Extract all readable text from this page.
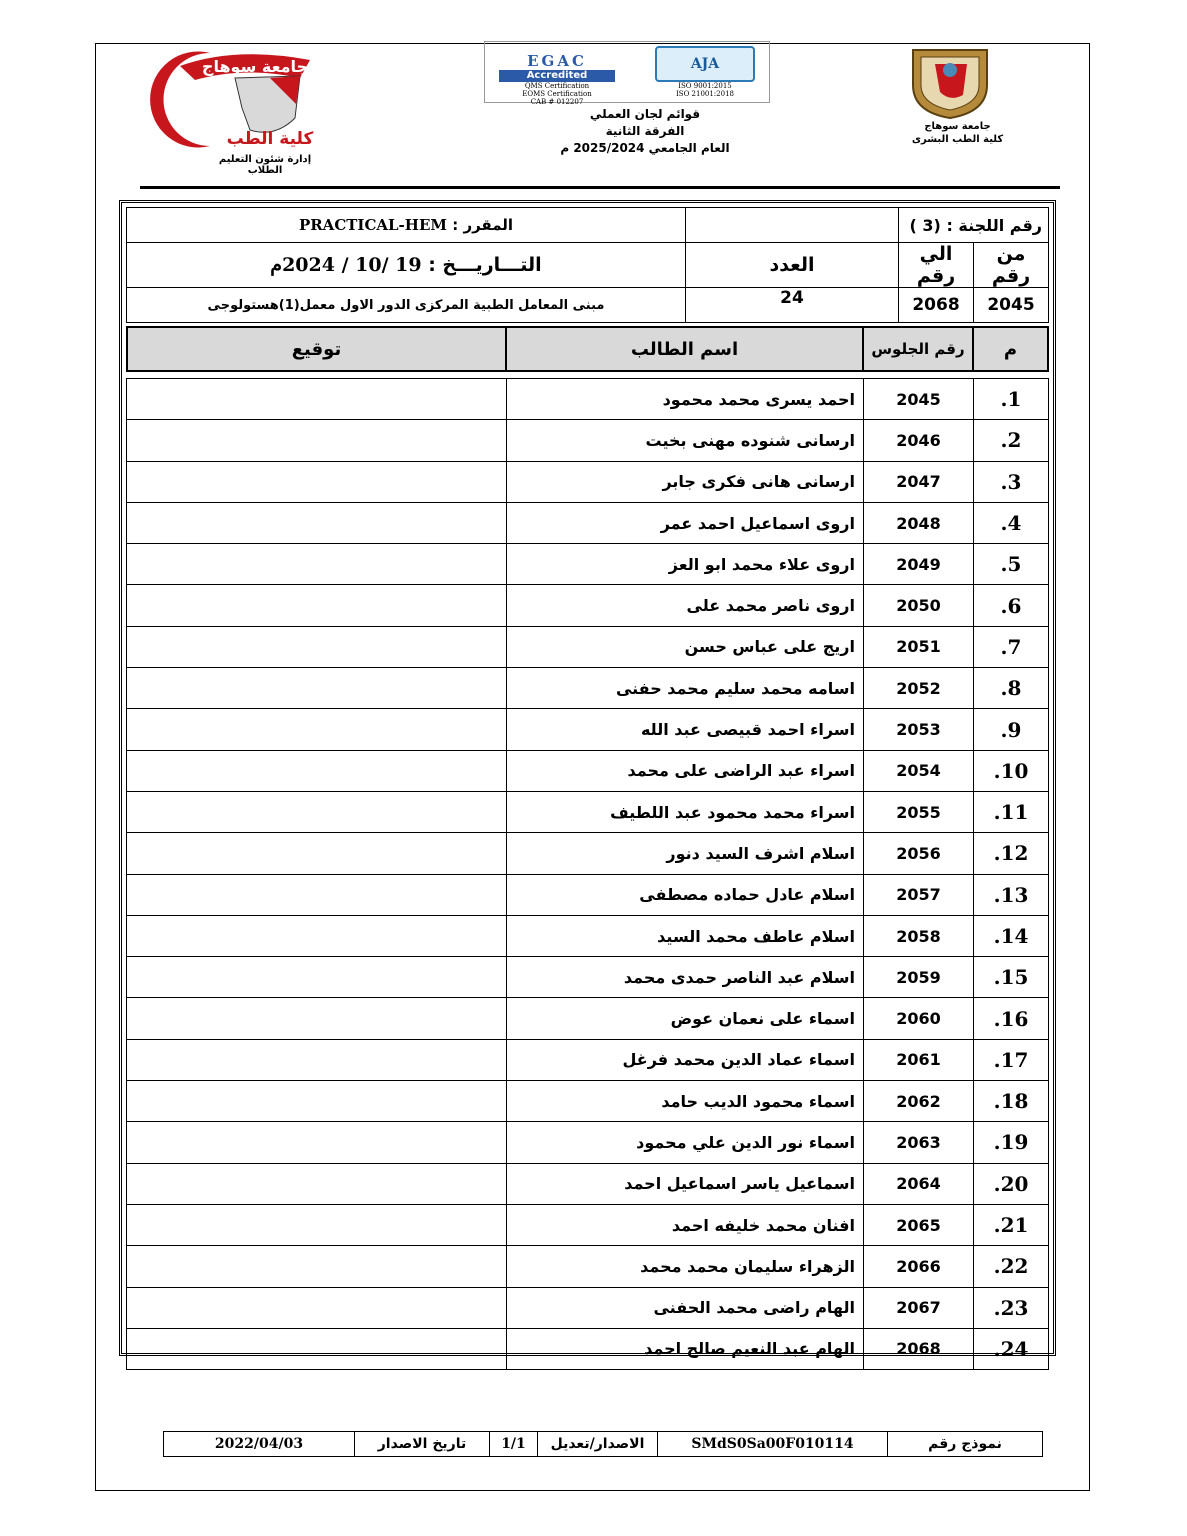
جامعة سوهاج
كلية الطب
إدارة شئون التعليم الطلاب
EGAC
Accredited
QMS Certification
EOMS Certification
CAB # 012207
AJA
ISO 9001:2015
ISO 21001:2018
قوائم لجان العملي
الفرقة الثانية
العام الجامعي 2025/2024 م
جامعة سوهاج
كلية الطب البشرى
رقم اللجنة : ( 3)			المقرر : PRACTICAL-HEM
من رقم	الي رقم	العدد	التـــاريـــخ : 19 /10 / 2024م
2045	2068	24	مبنى المعامل الطبية المركزى الدور الاول معمل(1)هستولوجى
م	رقم الجلوس	اسم الطالب	توقيع
1.	2045	احمد يسرى محمد محمود	
2.	2046	ارسانى شنوده مهنى بخيت	
3.	2047	ارسانى هانى فكرى جابر	
4.	2048	اروى اسماعيل احمد عمر	
5.	2049	اروى علاء محمد ابو العز	
6.	2050	اروى ناصر محمد على	
7.	2051	اريج على عباس حسن	
8.	2052	اسامه محمد سليم محمد حفنى	
9.	2053	اسراء احمد قبيصى عبد الله	
10.	2054	اسراء عبد الراضى على محمد	
11.	2055	اسراء محمد محمود عبد اللطيف	
12.	2056	اسلام اشرف السيد دنور	
13.	2057	اسلام عادل حماده مصطفى	
14.	2058	اسلام عاطف محمد السيد	
15.	2059	اسلام عبد الناصر حمدى محمد	
16.	2060	اسماء على نعمان عوض	
17.	2061	اسماء عماد الدين محمد فرغل	
18.	2062	اسماء محمود الديب حامد	
19.	2063	اسماء نور الدين علي محمود	
20.	2064	اسماعيل ياسر اسماعيل احمد	
21.	2065	افنان محمد خليفه احمد	
22.	2066	الزهراء سليمان محمد محمد	
23.	2067	الهام راضى محمد الحفنى	
24.	2068	الهام عبد النعيم صالح احمد	
نموذج رقم	SMdS0Sa00F010114	الاصدار/تعديل	1/1	تاريخ الاصدار	2022/04/03
